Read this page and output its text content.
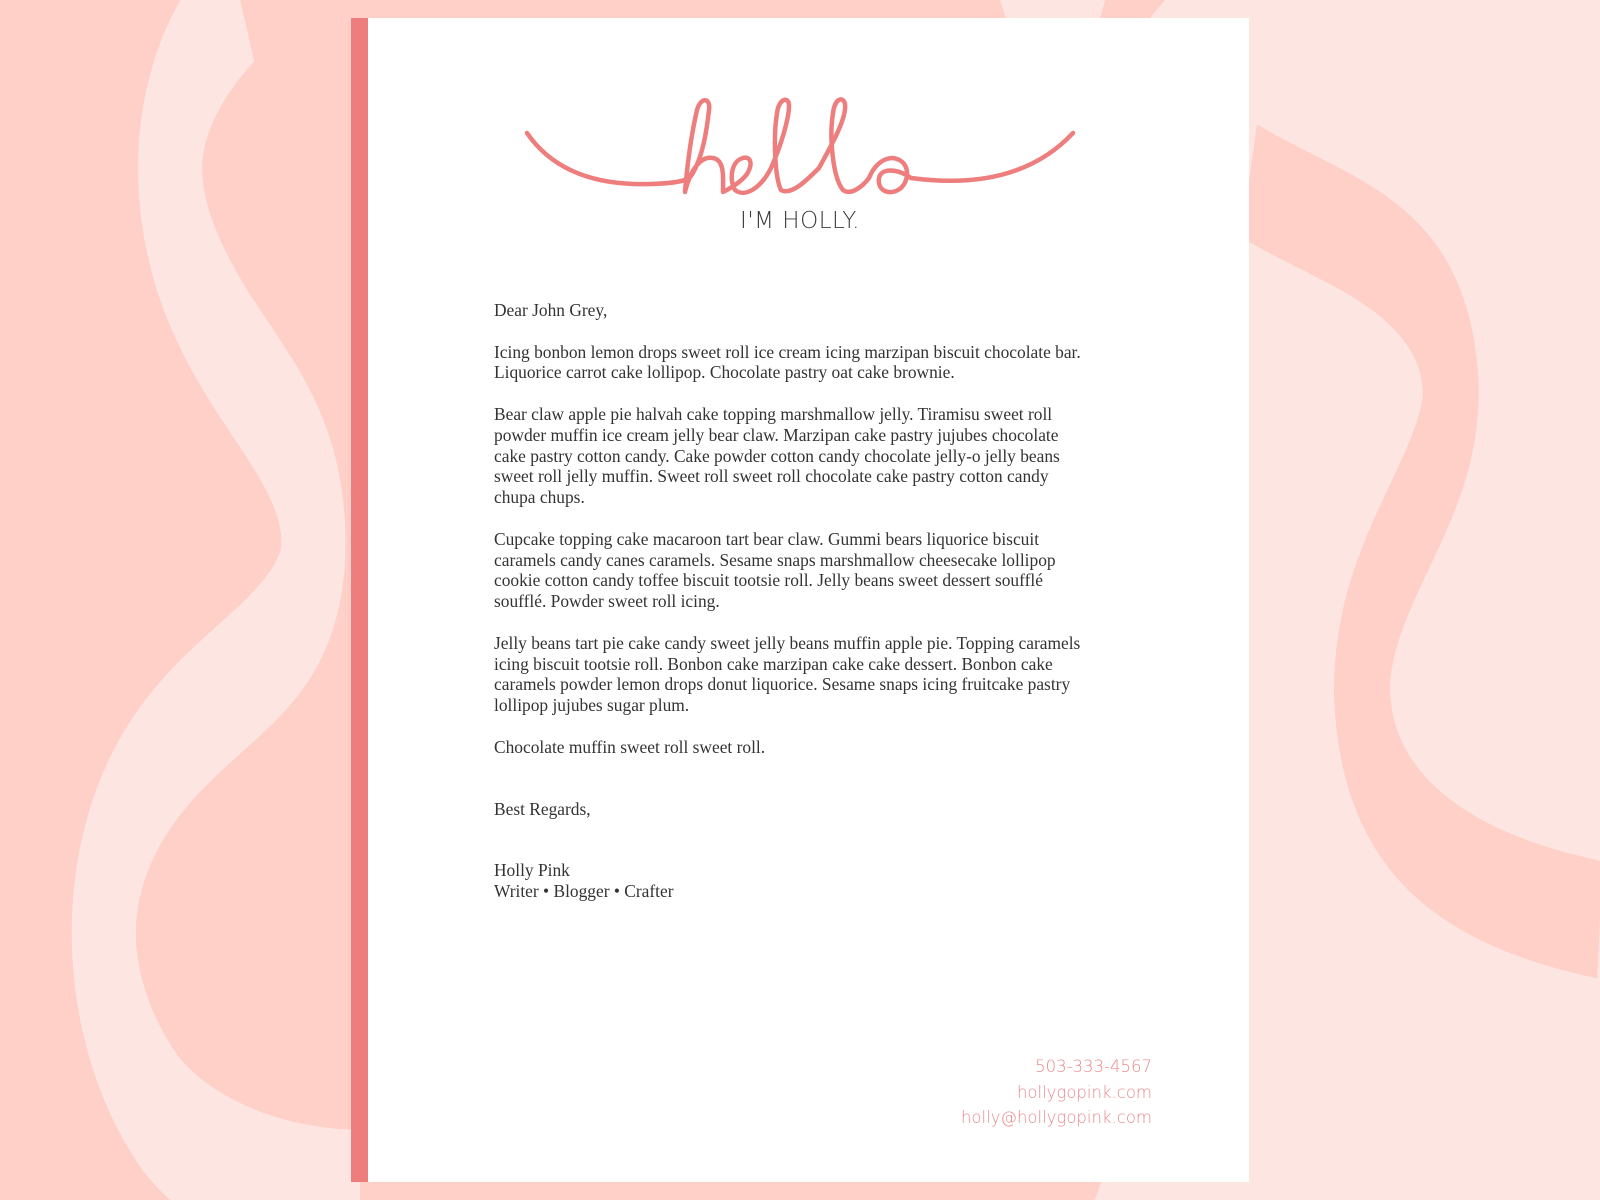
I'M HOLLY.

Dear John Grey,

Icing bonbon lemon drops sweet roll ice cream icing marzipan biscuit chocolate bar. Liquorice carrot cake lollipop. Chocolate pastry oat cake brownie.

Bear claw apple pie halvah cake topping marshmallow jelly. Tiramisu sweet roll powder muffin ice cream jelly bear claw. Marzipan cake pastry jujubes chocolate cake pastry cotton candy. Cake powder cotton candy chocolate jelly-o jelly beans sweet roll jelly muffin. Sweet roll sweet roll chocolate cake pastry cotton candy chupa chups.

Cupcake topping cake macaroon tart bear claw. Gummi bears liquorice biscuit caramels candy canes caramels. Sesame snaps marshmallow cheesecake lollipop cookie cotton candy toffee biscuit tootsie roll. Jelly beans sweet dessert soufflé soufflé. Powder sweet roll icing.

Jelly beans tart pie cake candy sweet jelly beans muffin apple pie. Topping caramels icing biscuit tootsie roll. Bonbon cake marzipan cake cake dessert. Bonbon cake caramels powder lemon drops donut liquorice. Sesame snaps icing fruitcake pastry lollipop jujubes sugar plum.

Chocolate muffin sweet roll sweet roll.

Best Regards,

Holly Pink

Writer • Blogger • Crafter

503-333-4567
hollygopink.com
holly@hollygopink.com
